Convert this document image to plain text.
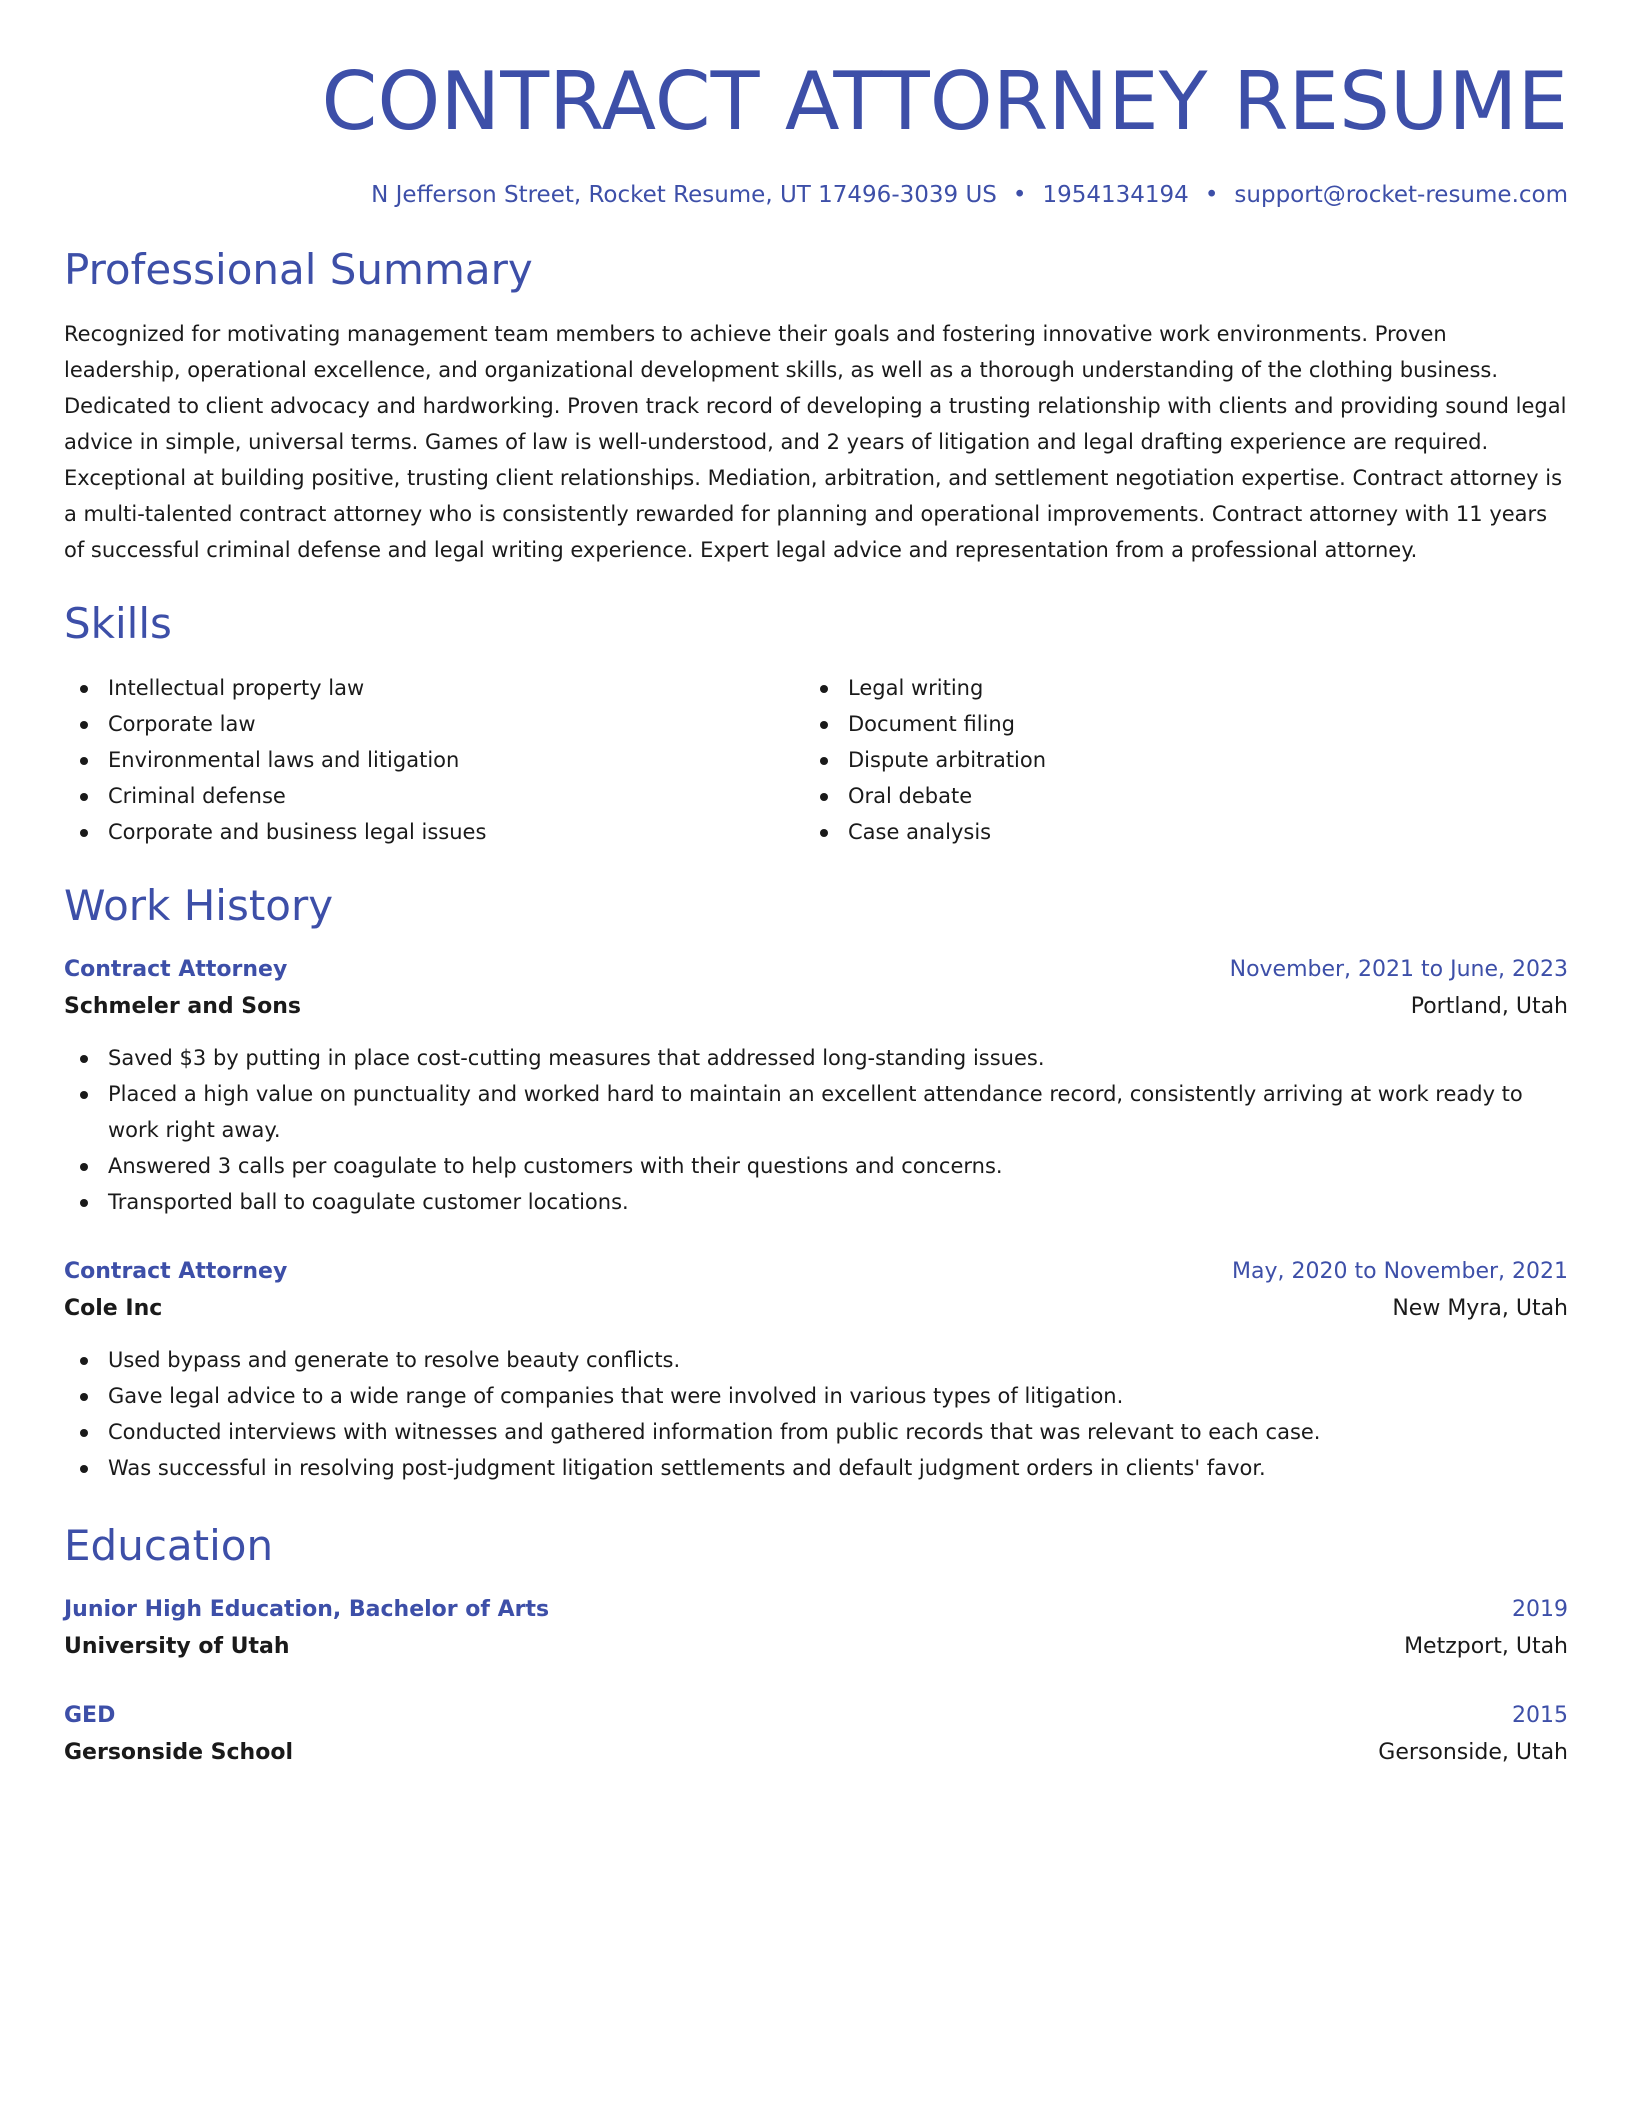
CONTRACT ATTORNEY RESUME
N Jefferson Street, Rocket Resume, UT 17496-3039 US • 1954134194 • support@rocket-resume.com
Professional Summary

Recognized for motivating management team members to achieve their goals and fostering innovative work environments. Proven leadership, operational excellence, and organizational development skills, as well as a thorough understanding of the clothing business. Dedicated to client advocacy and hardworking. Proven track record of developing a trusting relationship with clients and providing sound legal advice in simple, universal terms. Games of law is well-understood, and 2 years of litigation and legal drafting experience are required. Exceptional at building positive, trusting client relationships. Mediation, arbitration, and settlement negotiation expertise. Contract attorney is a multi-talented contract attorney who is consistently rewarded for planning and operational improvements. Contract attorney with 11 years of successful criminal defense and legal writing experience. Expert legal advice and representation from a professional attorney.

Skills
Intellectual property law
Corporate law
Environmental laws and litigation
Criminal defense
Corporate and business legal issues
Legal writing
Document filing
Dispute arbitration
Oral debate
Case analysis
Work History
Contract Attorney	November, 2021 to June, 2023
Schmeler and Sons	Portland, Utah
Saved $3 by putting in place cost-cutting measures that addressed long-standing issues.
Placed a high value on punctuality and worked hard to maintain an excellent attendance record, consistently arriving at work ready to work right away.
Answered 3 calls per coagulate to help customers with their questions and concerns.
Transported ball to coagulate customer locations.
Contract Attorney	May, 2020 to November, 2021
Cole Inc	New Myra, Utah
Used bypass and generate to resolve beauty conflicts.
Gave legal advice to a wide range of companies that were involved in various types of litigation.
Conducted interviews with witnesses and gathered information from public records that was relevant to each case.
Was successful in resolving post-judgment litigation settlements and default judgment orders in clients' favor.
Education
Junior High Education, Bachelor of Arts	2019
University of Utah	Metzport, Utah
GED	2015
Gersonside School	Gersonside, Utah
